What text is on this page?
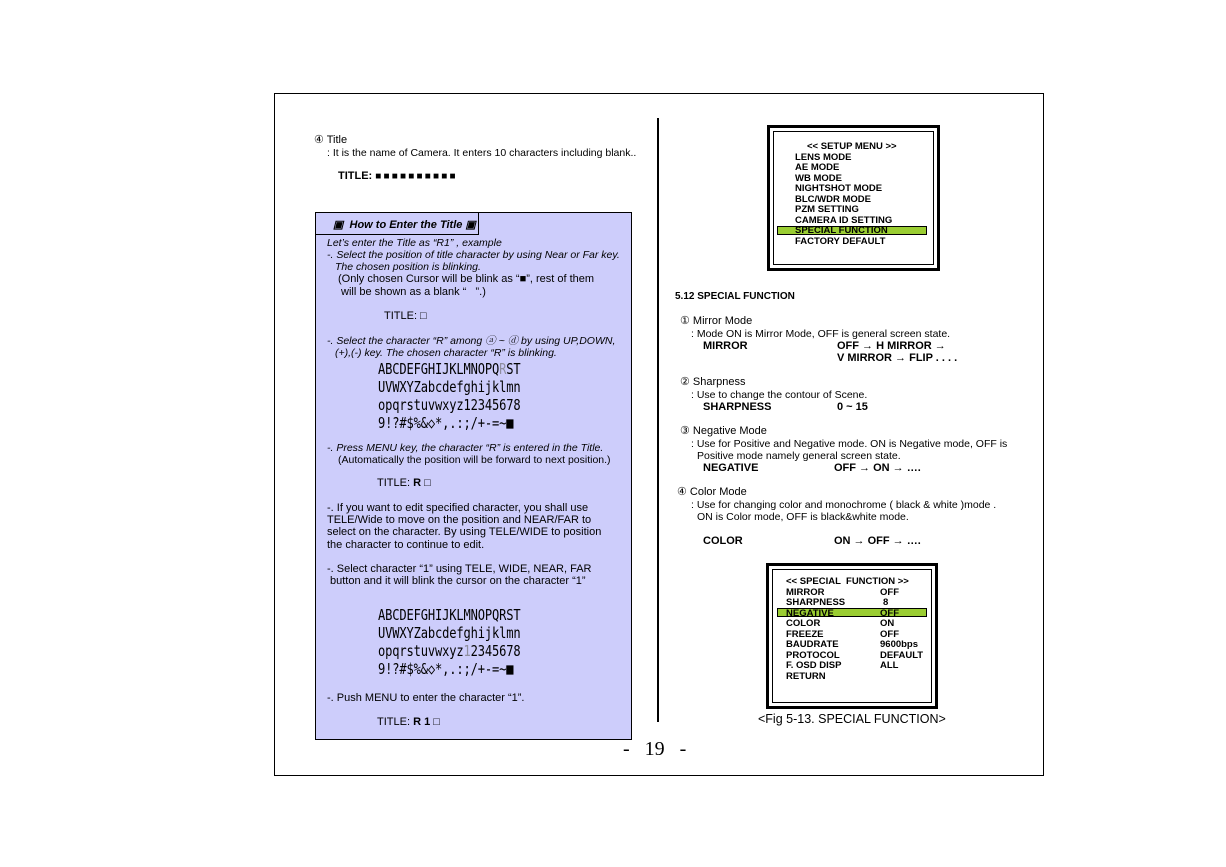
④ Title
: It is the name of Camera. It enters 10 characters including blank..
TITLE: ■■■■■■■■■■
▣  How to Enter the Title ▣
Let’s enter the Title as “R1” , example
-. Select the position of title character by using Near or Far key.
The chosen position is blinking.
(Only chosen Cursor will be blink as “■”, rest of them
will be shown as a blank “   ”.)
TITLE: □
-. Select the character “R” among ⓐ ~ ⓓ by using UP,DOWN,
(+),(-) key. The chosen character “R” is blinking.
ABCDEFGHIJKLMNOPQRST
UVWXYZabcdefghijklmn
opqrstuvwxyz12345678
9!?#$%&◇*,.:;/+-=~■
-. Press MENU key, the character “R” is entered in the Title.
(Automatically the position will be forward to next position.)
TITLE: R □
-. If you want to edit specified character, you shall use
TELE/Wide to move on the position and NEAR/FAR to
select on the character. By using TELE/WIDE to position
the character to continue to edit.
-. Select character “1” using TELE, WIDE, NEAR, FAR
button and it will blink the cursor on the character “1”
ABCDEFGHIJKLMNOPQRST
UVWXYZabcdefghijklmn
opqrstuvwxyz12345678
9!?#$%&◇*,.:;/+-=~■
-. Push MENU to enter the character “1”.
TITLE: R 1 □
<< SETUP MENU >>
LENS MODE
AE MODE
WB MODE
NIGHTSHOT MODE
BLC/WDR MODE
PZM SETTING
CAMERA ID SETTING
SPECIAL FUNCTION
FACTORY DEFAULT
5.12 SPECIAL FUNCTION
① Mirror Mode
: Mode ON is Mirror Mode, OFF is general screen state.
MIRROR	OFF → H MIRROR →
V MIRROR → FLIP . . . .
② Sharpness
: Use to change the contour of Scene.
SHARPNESS	0 ~ 15
③ Negative Mode
: Use for Positive and Negative mode. ON is Negative mode, OFF is
Positive mode namely general screen state.
NEGATIVE	OFF → ON → ….
④ Color Mode
: Use for changing color and monochrome ( black & white )mode .
ON is Color mode, OFF is black&white mode.
COLOR	ON → OFF → ….
<< SPECIAL  FUNCTION >>
MIRROR	OFF
SHARPNESS	8
NEGATIVE	OFF
COLOR	ON
FREEZE	OFF
BAUDRATE	9600bps
PROTOCOL	DEFAULT
F. OSD DISP	ALL
RETURN
<Fig 5-13. SPECIAL FUNCTION>
-   19   -
